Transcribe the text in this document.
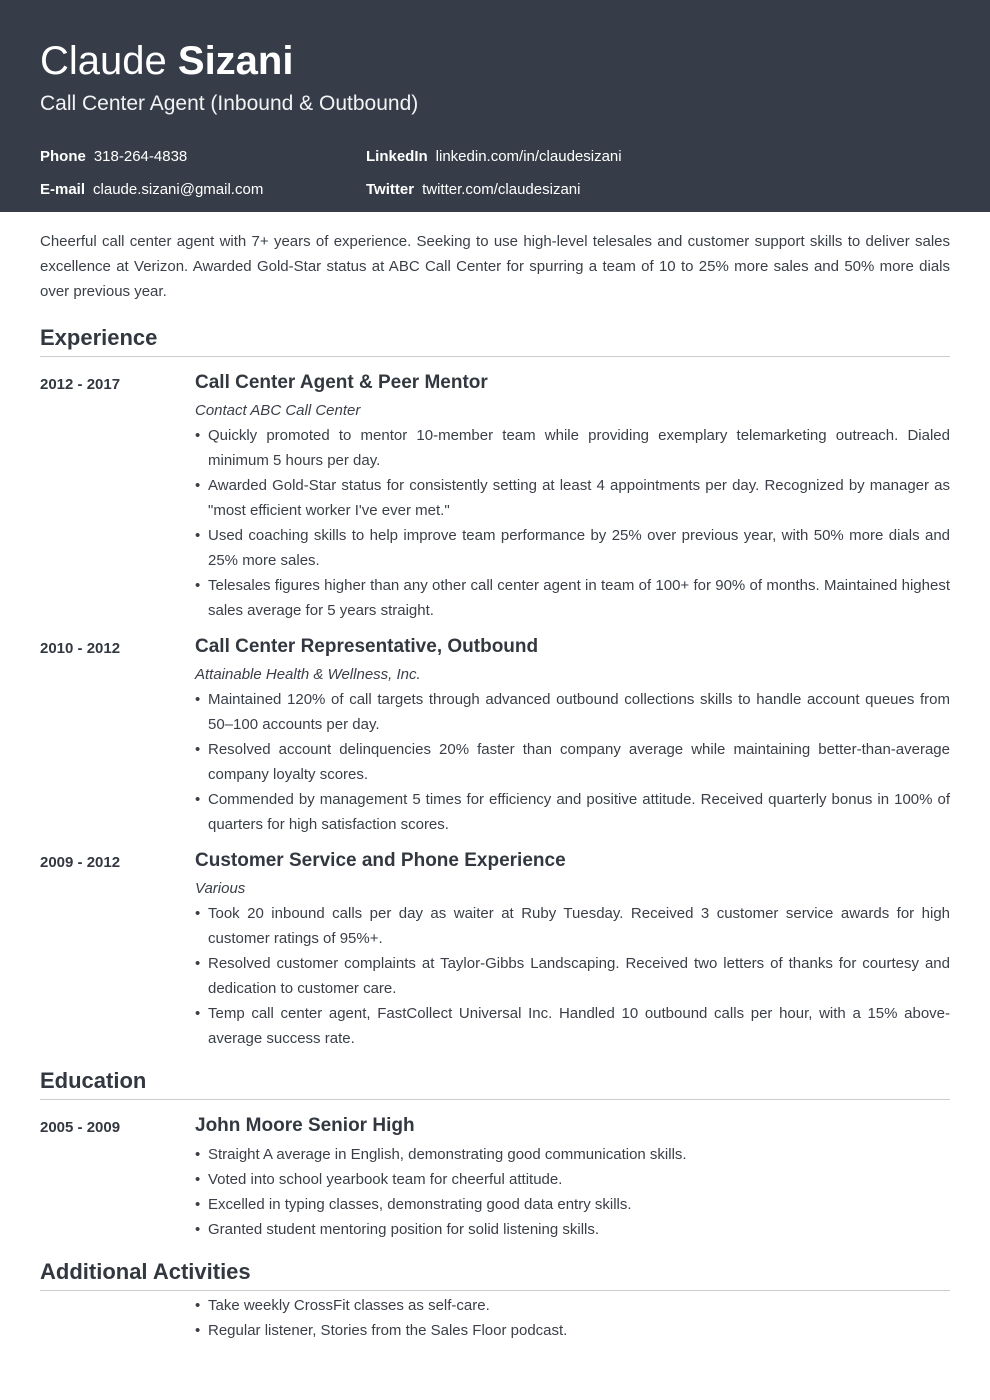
Claude Sizani
Call Center Agent (Inbound & Outbound)
Phone 318-264-4838	LinkedIn linkedin.com/in/claudesizani
E-mail claude.sizani@gmail.com	Twitter twitter.com/claudesizani

Cheerful call center agent with 7+ years of experience. Seeking to use high-level telesales and customer support skills to deliver sales excellence at Verizon. Awarded Gold-Star status at ABC Call Center for spurring a team of 10 to 25% more sales and 50% more dials over previous year.

Experience
2012 - 2017	Call Center Agent & Peer Mentor
Contact ABC Call Center
• Quickly promoted to mentor 10-member team while providing exemplary telemarketing outreach. Dialed minimum 5 hours per day.
• Awarded Gold-Star status for consistently setting at least 4 appointments per day. Recognized by manager as "most efficient worker I've ever met."
• Used coaching skills to help improve team performance by 25% over previous year, with 50% more dials and 25% more sales.
• Telesales figures higher than any other call center agent in team of 100+ for 90% of months. Maintained highest sales average for 5 years straight.
2010 - 2012	Call Center Representative, Outbound
Attainable Health & Wellness, Inc.
• Maintained 120% of call targets through advanced outbound collections skills to handle account queues from 50–100 accounts per day.
• Resolved account delinquencies 20% faster than company average while maintaining better-than-average company loyalty scores.
• Commended by management 5 times for efficiency and positive attitude. Received quarterly bonus in 100% of quarters for high satisfaction scores.
2009 - 2012	Customer Service and Phone Experience
Various
• Took 20 inbound calls per day as waiter at Ruby Tuesday. Received 3 customer service awards for high customer ratings of 95%+.
• Resolved customer complaints at Taylor-Gibbs Landscaping. Received two letters of thanks for courtesy and dedication to customer care.
• Temp call center agent, FastCollect Universal Inc. Handled 10 outbound calls per hour, with a 15% above-average success rate.
Education
2005 - 2009	John Moore Senior High
• Straight A average in English, demonstrating good communication skills.
• Voted into school yearbook team for cheerful attitude.
• Excelled in typing classes, demonstrating good data entry skills.
• Granted student mentoring position for solid listening skills.
Additional Activities
• Take weekly CrossFit classes as self-care.
• Regular listener, Stories from the Sales Floor podcast.
